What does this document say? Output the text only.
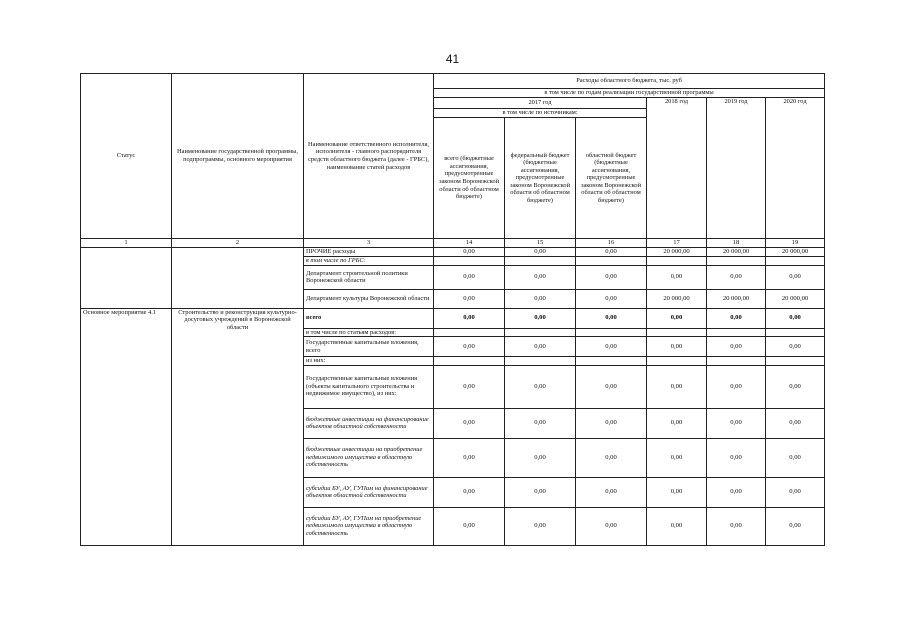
41
Статус	Наименование государственной программы, подпрограммы, основного мероприятия	Наименование ответственного исполнителя, исполнителя - главного распорядителя средств областного бюджета (далее - ГРБС), наименование статей расходов	Расходы областного бюджета, тыс. руб					
			в том числе по годам реализации государственной программы					
			2017 год			2018 год	2019 год	2020 год
			в том числе по источникам:					
			всего (бюджетные ассигнования, предусмотренные законом Воронежской области об областном бюджете)	федеральный бюджет (бюджетные ассигнования, предусмотренные законом Воронежской области об областном бюджете)	областной бюджет (бюджетные ассигнования, предусмотренные законом Воронежской области об областном бюджете)			
1	2	3	14	15	16	17	18	19
		ПРОЧИЕ расходы	0,00	0,00	0,00	20 000,00	20 000,00	20 000,00
		в том числе по ГРБС:						
		Департамент строительной политики Воронежской области	0,00	0,00	0,00	0,00	0,00	0,00
		Департамент культуры Воронежской области	0,00	0,00	0,00	20 000,00	20 000,00	20 000,00
Основное мероприятие 4.1	Строительство и реконструкция культурно-досуговых учреждений в Воронежской области	всего	0,00	0,00	0,00	0,00	0,00	0,00
		в том числе по статьям расходов:						
		Государственные капитальные вложения, всего	0,00	0,00	0,00	0,00	0,00	0,00
		из них:						
		Государственные капитальные вложения (объекты капитального строительства и недвижимое имущество), из них:	0,00	0,00	0,00	0,00	0,00	0,00
		бюджетные инвестиции на финансирование объектов областной собственности	0,00	0,00	0,00	0,00	0,00	0,00
		бюджетные инвестиции на приобретение недвижимого имущества в областную собственность	0,00	0,00	0,00	0,00	0,00	0,00
		субсидии БУ, АУ, ГУПам на финансирование объектов областной собственности	0,00	0,00	0,00	0,00	0,00	0,00
		субсидии БУ, АУ, ГУПам на приобретение недвижимого имущества в областную собственность	0,00	0,00	0,00	0,00	0,00	0,00
